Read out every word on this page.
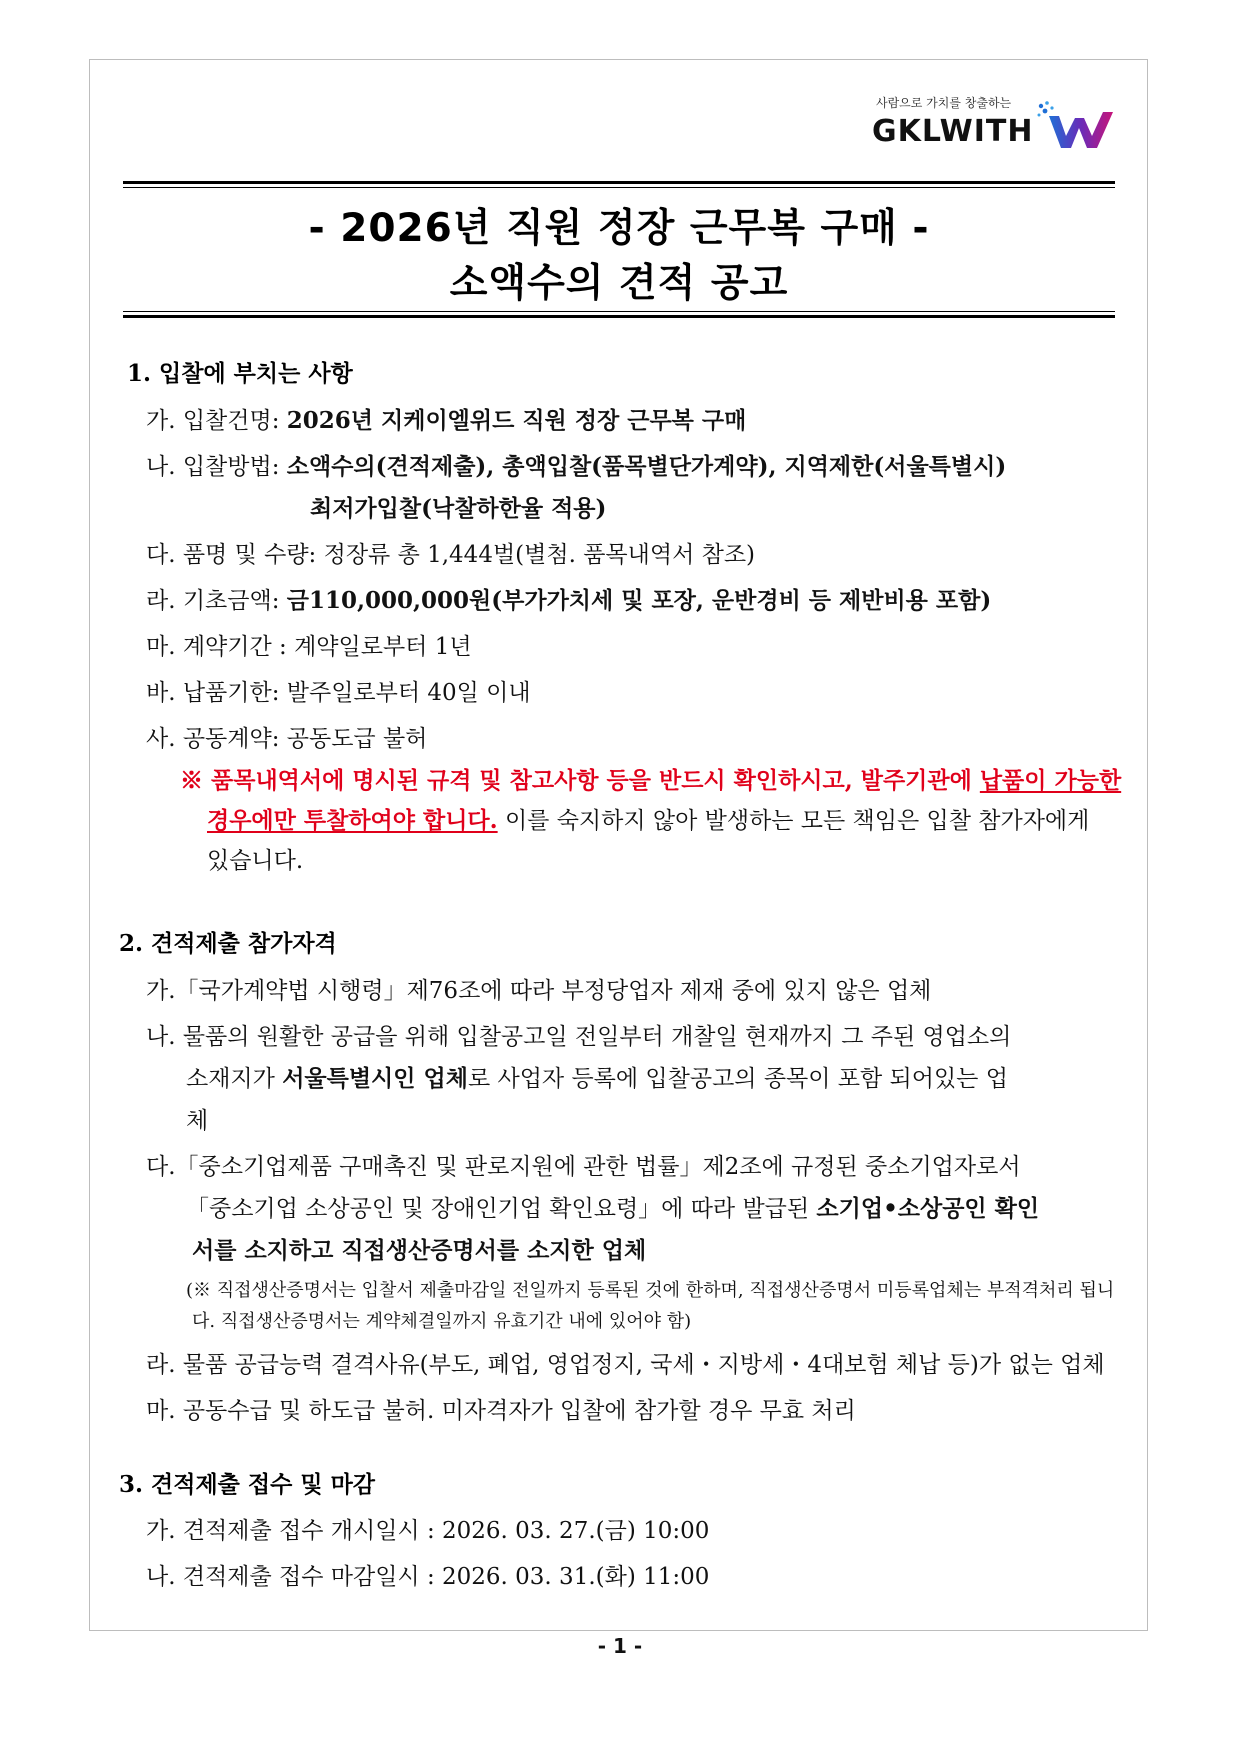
사람으로 가치를 창출하는
GKLWITH
- 2026년 직원 정장 근무복 구매 -
소액수의 견적 공고
1. 입찰에 부치는 사항
가. 입찰건명: 2026년 지케이엘위드 직원 정장 근무복 구매
나. 입찰방법: 소액수의(견적제출), 총액입찰(품목별단가계약), 지역제한(서울특별시)
최저가입찰(낙찰하한율 적용)
다. 품명 및 수량: 정장류 총 1,444벌(별첨. 품목내역서 참조)
라. 기초금액: 금110,000,000원(부가가치세 및 포장, 운반경비 등 제반비용 포함)
마. 계약기간 : 계약일로부터 1년
바. 납품기한: 발주일로부터 40일 이내
사. 공동계약: 공동도급 불허
※ 품목내역서에 명시된 규격 및 참고사항 등을 반드시 확인하시고, 발주기관에 납품이 가능한
경우에만 투찰하여야 합니다. 이를 숙지하지 않아 발생하는 모든 책임은 입찰 참가자에게
있습니다.
2. 견적제출 참가자격
가.「국가계약법 시행령」제76조에 따라 부정당업자 제재 중에 있지 않은 업체
나. 물품의 원활한 공급을 위해 입찰공고일 전일부터 개찰일 현재까지 그 주된 영업소의
소재지가 서울특별시인 업체로 사업자 등록에 입찰공고의 종목이 포함 되어있는 업
체
다.「중소기업제품 구매촉진 및 판로지원에 관한 법률」제2조에 규정된 중소기업자로서
「중소기업 소상공인 및 장애인기업 확인요령」에 따라 발급된 소기업•소상공인 확인
서를 소지하고 직접생산증명서를 소지한 업체
(※ 직접생산증명서는 입찰서 제출마감일 전일까지 등록된 것에 한하며, 직접생산증명서 미등록업체는 부적격처리 됩니
다. 직접생산증명서는 계약체결일까지 유효기간 내에 있어야 함)
라. 물품 공급능력 결격사유(부도, 폐업, 영업정지, 국세・지방세・4대보험 체납 등)가 없는 업체
마. 공동수급 및 하도급 불허. 미자격자가 입찰에 참가할 경우 무효 처리
3. 견적제출 접수 및 마감
가. 견적제출 접수 개시일시 : 2026. 03. 27.(금) 10:00
나. 견적제출 접수 마감일시 : 2026. 03. 31.(화) 11:00
- 1 -
